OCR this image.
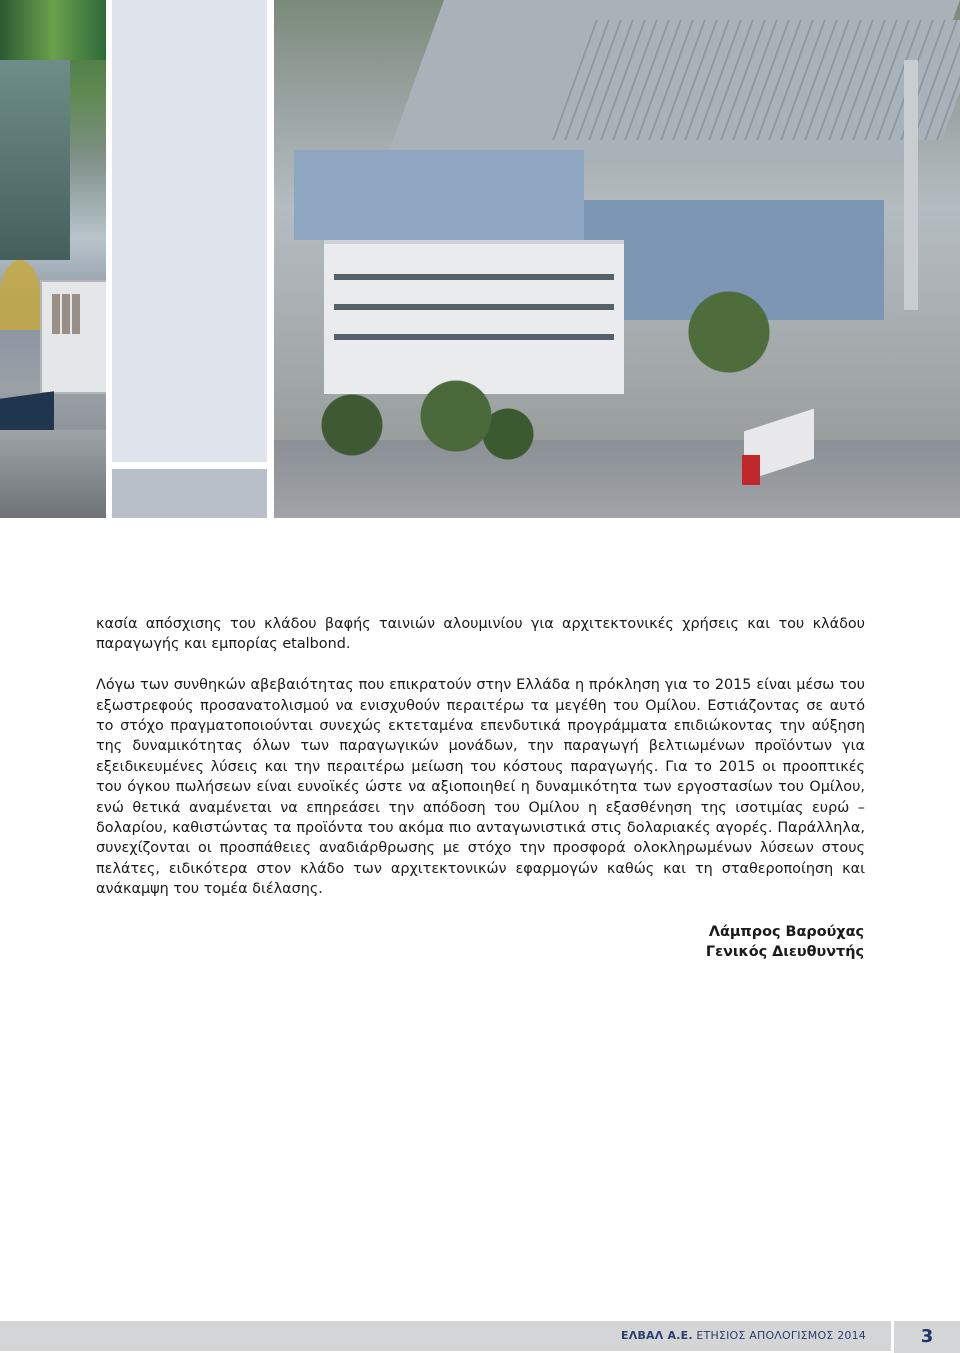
κασία απόσχισης του κλάδου βαφής ταινιών αλουμινίου για αρχιτεκτονικές χρήσεις και του κλάδου παραγωγής και εμπορίας etalbond.

Λόγω των συνθηκών αβεβαιότητας που επικρατούν στην Ελλάδα η πρόκληση για το 2015 είναι μέσω του εξωστρεφούς προσανατολισμού να ενισχυθούν περαιτέρω τα μεγέθη του Ομίλου. Εστιάζοντας σε αυτό το στόχο πραγματοποιούνται συνεχώς εκτεταμένα επενδυτικά προγράμματα επιδιώκοντας την αύξηση της δυναμικότητας όλων των παραγωγικών μονάδων, την παραγωγή βελτιωμένων προϊόντων για εξειδικευμένες λύσεις και την περαιτέρω μείωση του κόστους παραγωγής. Για το 2015 οι προοπτικές του όγκου πωλήσεων είναι ευνοϊκές ώστε να αξιοποιηθεί η δυναμικότητα των εργοστασίων του Ομίλου, ενώ θετικά αναμένεται να επηρεάσει την απόδοση του Ομίλου η εξασθένηση της ισοτιμίας ευρώ – δολαρίου, καθιστώντας τα προϊόντα του ακόμα πιο ανταγωνιστικά στις δολαριακές αγορές. Παράλληλα, συνεχίζονται οι προσπάθειες αναδιάρθρωσης με στόχο την προσφορά ολοκληρωμένων λύσεων στους πελάτες, ειδικότερα στον κλάδο των αρχιτεκτονικών εφαρμογών καθώς και τη σταθεροποίηση και ανάκαμψη του τομέα διέλασης.

Λάμπρος Βαρούχας
Γενικός Διευθυντής
ΕΛΒΑΛ Α.Ε. ΕΤΗΣΙΟΣ ΑΠΟΛΟΓΙΣΜΟΣ 2014	3
